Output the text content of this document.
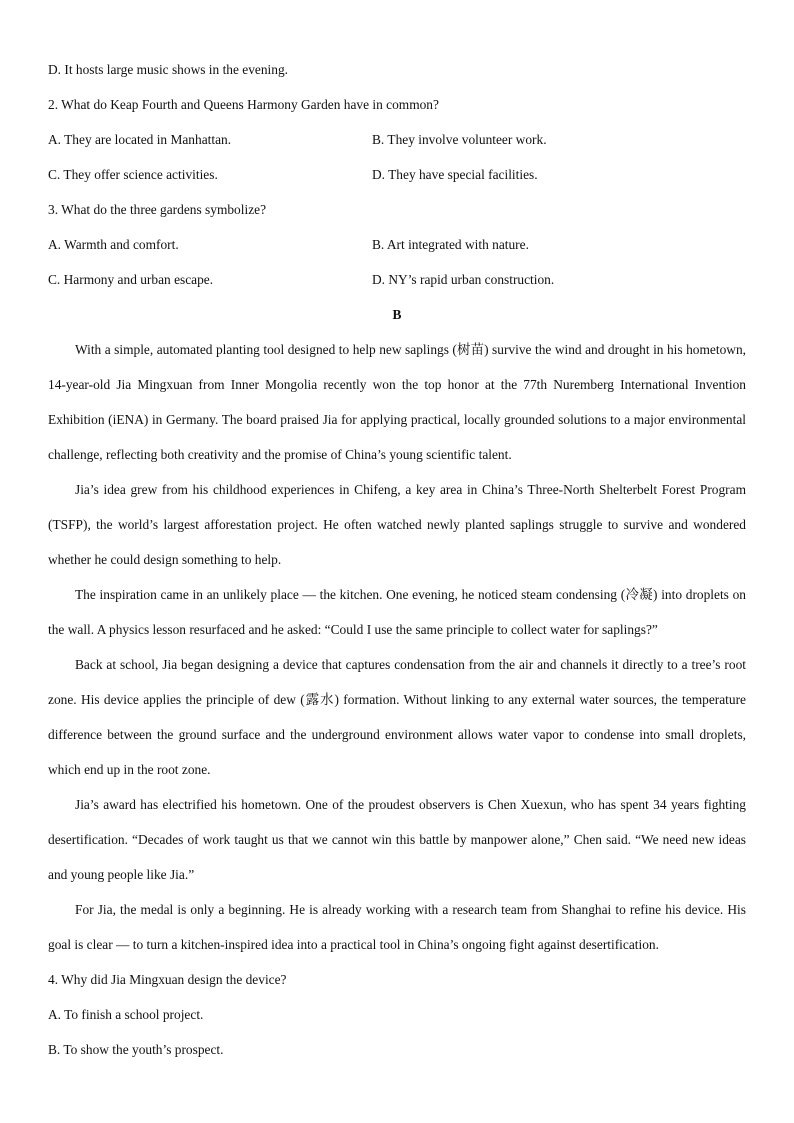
D. It hosts large music shows in the evening.
2. What do Keap Fourth and Queens Harmony Garden have in common?
A. They are located in Manhattan.	B. They involve volunteer work.
C. They offer science activities.	D. They have special facilities.
3. What do the three gardens symbolize?
A. Warmth and comfort.	B. Art integrated with nature.
C. Harmony and urban escape.	D. NY’s rapid urban construction.
B

With a simple, automated planting tool designed to help new saplings (树苗) survive the wind and drought in his hometown, 14-year-old Jia Mingxuan from Inner Mongolia recently won the top honor at the 77th Nuremberg International Invention Exhibition (iENA) in Germany. The board praised Jia for applying practical, locally grounded solutions to a major environmental challenge, reflecting both creativity and the promise of China’s young scientific talent.

Jia’s idea grew from his childhood experiences in Chifeng, a key area in China’s Three-North Shelterbelt Forest Program (TSFP), the world’s largest afforestation project. He often watched newly planted saplings struggle to survive and wondered whether he could design something to help.

The inspiration came in an unlikely place — the kitchen. One evening, he noticed steam condensing (冷凝) into droplets on the wall. A physics lesson resurfaced and he asked: “Could I use the same principle to collect water for saplings?”

Back at school, Jia began designing a device that captures condensation from the air and channels it directly to a tree’s root zone. His device applies the principle of dew (露水) formation. Without linking to any external water sources, the temperature difference between the ground surface and the underground environment allows water vapor to condense into small droplets, which end up in the root zone.

Jia’s award has electrified his hometown. One of the proudest observers is Chen Xuexun, who has spent 34 years fighting desertification. “Decades of work taught us that we cannot win this battle by manpower alone,” Chen said. “We need new ideas and young people like Jia.”

For Jia, the medal is only a beginning. He is already working with a research team from Shanghai to refine his device. His goal is clear — to turn a kitchen-inspired idea into a practical tool in China’s ongoing fight against desertification.

4. Why did Jia Mingxuan design the device?
A. To finish a school project.
B. To show the youth’s prospect.
